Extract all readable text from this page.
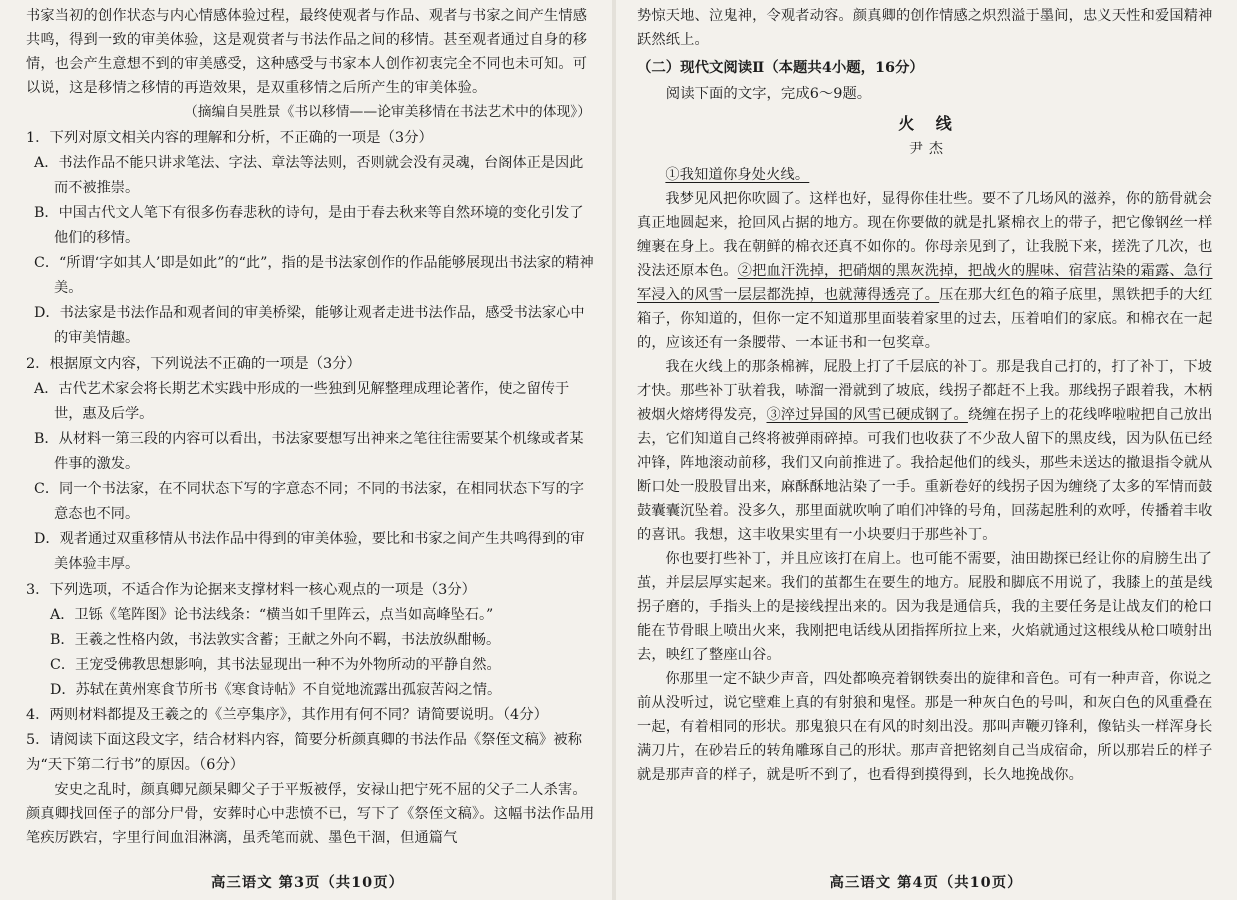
书家当初的创作状态与内心情感体验过程，最终使观者与作品、观者与书家之间产生情感共鸣，得到一致的审美体验，这是观赏者与书法作品之间的移情。甚至观者通过自身的移情，也会产生意想不到的审美感受，这种感受与书家本人创作初衷完全不同也未可知。可以说，这是移情之移情的再造效果，是双重移情之后所产生的审美体验。

（摘编自吴胜景《书以移情——论审美移情在书法艺术中的体现》）

1．下列对原文相关内容的理解和分析，不正确的一项是（3分）

A．书法作品不能只讲求笔法、字法、章法等法则，否则就会没有灵魂，台阁体正是因此而不被推崇。

B．中国古代文人笔下有很多伤春悲秋的诗句，是由于春去秋来等自然环境的变化引发了他们的移情。

C．“所谓‘字如其人’即是如此”的“此”，指的是书法家创作的作品能够展现出书法家的精神美。

D．书法家是书法作品和观者间的审美桥梁，能够让观者走进书法作品，感受书法家心中的审美情趣。

2．根据原文内容，下列说法不正确的一项是（3分）

A．古代艺术家会将长期艺术实践中形成的一些独到见解整理成理论著作，使之留传于世，惠及后学。

B．从材料一第三段的内容可以看出，书法家要想写出神来之笔往往需要某个机缘或者某件事的激发。

C．同一个书法家，在不同状态下写的字意态不同；不同的书法家，在相同状态下写的字意态也不同。

D．观者通过双重移情从书法作品中得到的审美体验，要比和书家之间产生共鸣得到的审美体验丰厚。

3．下列选项，不适合作为论据来支撑材料一核心观点的一项是（3分）

A．卫铄《笔阵图》论书法线条：“横当如千里阵云，点当如高峰坠石。”

B．王羲之性格内敛，书法敦实含蓄；王献之外向不羁，书法放纵酣畅。

C．王宠受佛教思想影响，其书法显现出一种不为外物所动的平静自然。

D．苏轼在黄州寒食节所书《寒食诗帖》不自觉地流露出孤寂苦闷之情。

4．两则材料都提及王羲之的《兰亭集序》，其作用有何不同？请简要说明。（4分）

5．请阅读下面这段文字，结合材料内容，简要分析颜真卿的书法作品《祭侄文稿》被称为“天下第二行书”的原因。（6分）

安史之乱时，颜真卿兄颜杲卿父子于平叛被俘，安禄山把宁死不屈的父子二人杀害。颜真卿找回侄子的部分尸骨，安葬时心中悲愤不已，写下了《祭侄文稿》。这幅书法作品用笔疾厉跌宕，字里行间血泪淋漓，虽秃笔而就、墨色干涸，但通篇气

高三语文 第3页（共10页）

势惊天地、泣鬼神，令观者动容。颜真卿的创作情感之炽烈溢于墨间，忠义天性和爱国精神跃然纸上。

（二）现代文阅读Ⅱ（本题共4小题，16分）

阅读下面的文字，完成6～9题。

火 线
尹杰

①我知道你身处火线。

我梦见风把你吹圆了。这样也好，显得你佳壮些。要不了几场风的滋养，你的筋骨就会真正地圆起来，抢回风占据的地方。现在你要做的就是扎紧棉衣上的带子，把它像钢丝一样缠裹在身上。我在朝鲜的棉衣还真不如你的。你母亲见到了，让我脱下来，搓洗了几次，也没法还原本色。②把血汗洗掉，把硝烟的黑灰洗掉，把战火的腥味、宿营沾染的霜露、急行军浸入的风雪一层层都洗掉，也就薄得透亮了。压在那大红色的箱子底里，黑铁把手的大红箱子，你知道的，但你一定不知道那里面装着家里的过去，压着咱们的家底。和棉衣在一起的，应该还有一条腰带、一本证书和一包奖章。

我在火线上的那条棉裤，屁股上打了千层底的补丁。那是我自己打的，打了补丁，下坡才快。那些补丁驮着我，哧溜一滑就到了坡底，线拐子都赶不上我。那线拐子跟着我，木柄被烟火熔烤得发亮，③淬过异国的风雪已硬成钢了。绕缠在拐子上的花线哗啦啦把自己放出去，它们知道自己终将被弹雨碎掉。可我们也收获了不少敌人留下的黑皮线，因为队伍已经冲锋，阵地滚动前移，我们又向前推进了。我拾起他们的线头，那些未送达的撤退指令就从断口处一股股冒出来，麻酥酥地沾染了一手。重新卷好的线拐子因为缠绕了太多的军情而鼓鼓囊囊沉坠着。没多久，那里面就吹响了咱们冲锋的号角，回荡起胜利的欢呼，传播着丰收的喜讯。我想，这丰收果实里有一小块要归于那些补丁。

你也要打些补丁，并且应该打在肩上。也可能不需要，油田勘探已经让你的肩膀生出了茧，并层层厚实起来。我们的茧都生在要生的地方。屁股和脚底不用说了，我膝上的茧是线拐子磨的，手指头上的是接线捏出来的。因为我是通信兵，我的主要任务是让战友们的枪口能在节骨眼上喷出火来，我刚把电话线从团指挥所拉上来，火焰就通过这根线从枪口喷射出去，映红了整座山谷。

你那里一定不缺少声音，四处都唤亮着钢铁奏出的旋律和音色。可有一种声音，你说之前从没听过，说它壁难上真的有射狼和鬼怪。那是一种灰白色的号叫，和灰白色的风重叠在一起，有着相同的形状。那鬼狼只在有风的时刻出没。那叫声鞭刃锋利，像钻头一样浑身长满刀片，在砂岩丘的转角雕琢自己的形状。那声音把铭刻自己当成宿命，所以那岩丘的样子就是那声音的样子，就是听不到了，也看得到摸得到，长久地挽战你。

高三语文 第4页（共10页）
